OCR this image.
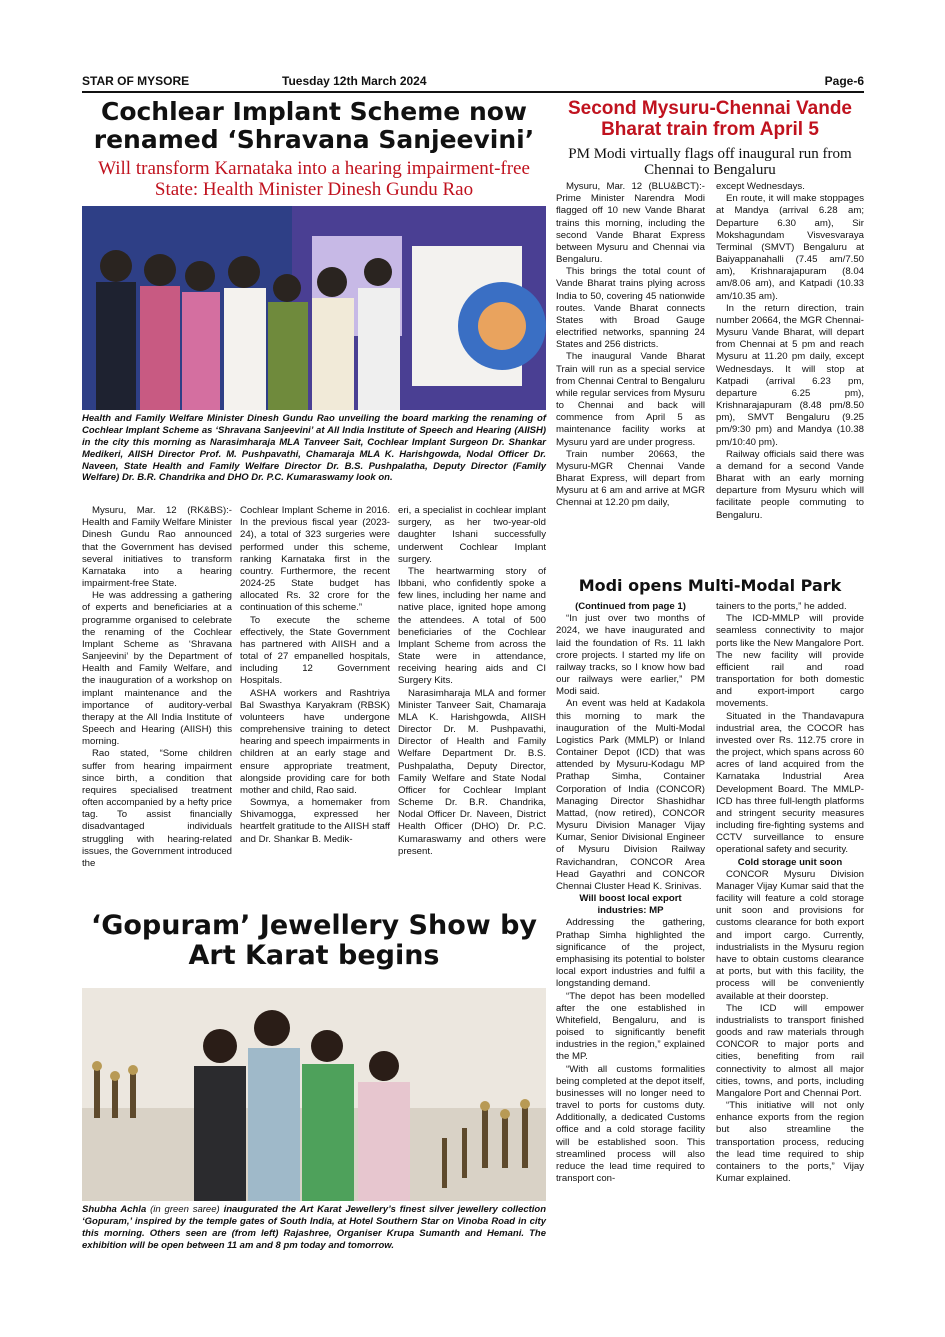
STAR OF MYSORE	Tuesday 12th March 2024	Page-6
Cochlear Implant Scheme now renamed ‘Shravana Sanjeevini’
Will transform Karnataka into a hearing impairment-free State: Health Minister Dinesh Gundu Rao
Health and Family Welfare Minister Dinesh Gundu Rao unveiling the board marking the renaming of Cochlear Implant Scheme as ‘Shravana Sanjeevini’ at All India Institute of Speech and Hearing (AIISH) in the city this morning as Narasimharaja MLA Tanveer Sait, Cochlear Implant Surgeon Dr. Shankar Medikeri, AIISH Director Prof. M. Pushpavathi, Chamaraja MLA K. Harishgowda, Nodal Officer Dr. Naveen, State Health and Family Welfare Director Dr. B.S. Pushpalatha, Deputy Director (Family Welfare) Dr. B.R. Chandrika and DHO Dr. P.C. Kumaraswamy look on.

Mysuru, Mar. 12 (RK&BS):- Health and Family Welfare Minister Dinesh Gundu Rao announced that the Government has devised several initiatives to transform Karnataka into a hearing impairment-free State.

He was addressing a gathering of experts and beneficiaries at a programme organised to celebrate the renaming of the Cochlear Implant Scheme as ‘Shravana Sanjeevini’ by the Department of Health and Family Welfare, and the inauguration of a workshop on implant maintenance and the importance of auditory-verbal therapy at the All India Institute of Speech and Hearing (AIISH) this morning.

Rao stated, “Some children suffer from hearing impairment since birth, a condition that requires specialised treatment often accompanied by a hefty price tag. To assist financially disadvantaged individuals struggling with hearing-related issues, the Government introduced the

Cochlear Implant Scheme in 2016. In the previous fiscal year (2023-24), a total of 323 surgeries were performed under this scheme, ranking Karnataka first in the country. Furthermore, the recent 2024-25 State budget has allocated Rs. 32 crore for the continuation of this scheme.”

To execute the scheme effectively, the State Government has partnered with AIISH and a total of 27 empanelled hospitals, including 12 Government Hospitals.

ASHA workers and Rashtriya Bal Swasthya Karyakram (RBSK) volunteers have undergone comprehensive training to detect hearing and speech impairments in children at an early stage and ensure appropriate treatment, alongside providing care for both mother and child, Rao said.

Sowmya, a homemaker from Shivamogga, expressed her heartfelt gratitude to the AIISH staff and Dr. Shankar B. Medik-

eri, a specialist in cochlear implant surgery, as her two-year-old daughter Ishani successfully underwent Cochlear Implant surgery.

The heartwarming story of Ibbani, who confidently spoke a few lines, including her name and native place, ignited hope among the attendees. A total of 500 beneficiaries of the Cochlear Implant Scheme from across the State were in attendance, receiving hearing aids and CI Surgery Kits.

Narasimharaja MLA and former Minister Tanveer Sait, Chamaraja MLA K. Harishgowda, AIISH Director Dr. M. Pushpavathi, Director of Health and Family Welfare Department Dr. B.S. Pushpalatha, Deputy Director, Family Welfare and State Nodal Officer for Cochlear Implant Scheme Dr. B.R. Chandrika, Nodal Officer Dr. Naveen, District Health Officer (DHO) Dr. P.C. Kumaraswamy and others were present.

Second Mysuru-Chennai Vande Bharat train from April 5
PM Modi virtually flags off inaugural run from Chennai to Bengaluru

Mysuru, Mar. 12 (BLU&BCT):- Prime Minister Narendra Modi flagged off 10 new Vande Bharat trains this morning, including the second Vande Bharat Express between Mysuru and Chennai via Bengaluru.

This brings the total count of Vande Bharat trains plying across India to 50, covering 45 nationwide routes. Vande Bharat connects States with Broad Gauge electrified networks, spanning 24 States and 256 districts.

The inaugural Vande Bharat Train will run as a special service from Chennai Central to Bengaluru while regular services from Mysuru to Chennai and back will commence from April 5 as maintenance facility works at Mysuru yard are under progress.

Train number 20663, the Mysuru-MGR Chennai Vande Bharat Express, will depart from Mysuru at 6 am and arrive at MGR Chennai at 12.20 pm daily,

except Wednesdays.

En route, it will make stoppages at Mandya (arrival 6.28 am; Departure 6.30 am), Sir Mokshagundam Visvesvaraya Terminal (SMVT) Bengaluru at Baiyappanahalli (7.45 am/7.50 am), Krishnarajapuram (8.04 am/8.06 am), and Katpadi (10.33 am/10.35 am).

In the return direction, train number 20664, the MGR Chennai-Mysuru Vande Bharat, will depart from Chennai at 5 pm and reach Mysuru at 11.20 pm daily, except Wednesdays. It will stop at Katpadi (arrival 6.23 pm, departure 6.25 pm), Krishnarajapuram (8.48 pm/8.50 pm), SMVT Bengaluru (9.25 pm/9:30 pm) and Mandya (10.38 pm/10:40 pm).

Railway officials said there was a demand for a second Vande Bharat with an early morning departure from Mysuru which will facilitate people commuting to Bengaluru.

Modi opens Multi-Modal Park

(Continued from page 1)

“In just over two months of 2024, we have inaugurated and laid the foundation of Rs. 11 lakh crore projects. I started my life on railway tracks, so I know how bad our railways were earlier,” PM Modi said.

An event was held at Kadakola this morning to mark the inauguration of the Multi-Modal Logistics Park (MMLP) or Inland Container Depot (ICD) that was attended by Mysuru-Kodagu MP Prathap Simha, Container Corporation of India (CONCOR) Managing Director Shashidhar Mattad, (now retired), CONCOR Mysuru Division Manager Vijay Kumar, Senior Divisional Engineer of Mysuru Division Railway Ravichandran, CONCOR Area Head Gayathri and CONCOR Chennai Cluster Head K. Srinivas.

Will boost local export industries: MP

Addressing the gathering, Prathap Simha highlighted the significance of the project, emphasising its potential to bolster local export industries and fulfil a longstanding demand.

“The depot has been modelled after the one established in Whitefield, Bengaluru, and is poised to significantly benefit industries in the region,” explained the MP.

“With all customs formalities being completed at the depot itself, businesses will no longer need to travel to ports for customs duty. Additionally, a dedicated Customs office and a cold storage facility will be established soon. This streamlined process will also reduce the lead time required to transport con-

tainers to the ports,” he added.

The ICD-MMLP will provide seamless connectivity to major ports like the New Mangalore Port. The new facility will provide efficient rail and road transportation for both domestic and export-import cargo movements.

Situated in the Thandavapura industrial area, the COCOR has invested over Rs. 112.75 crore in the project, which spans across 60 acres of land acquired from the Karnataka Industrial Area Development Board. The MMLP-ICD has three full-length platforms and stringent security measures including fire-fighting systems and CCTV surveillance to ensure operational safety and security.

Cold storage unit soon

CONCOR Mysuru Division Manager Vijay Kumar said that the facility will feature a cold storage unit soon and provisions for customs clearance for both export and import cargo. Currently, industrialists in the Mysuru region have to obtain customs clearance at ports, but with this facility, the process will be conveniently available at their doorstep.

The ICD will empower industrialists to transport finished goods and raw materials through CONCOR to major ports and cities, benefiting from rail connectivity to almost all major cities, towns, and ports, including Mangalore Port and Chennai Port.

“This initiative will not only enhance exports from the region but also streamline the transportation process, reducing the lead time required to ship containers to the ports,” Vijay Kumar explained.

‘Gopuram’ Jewellery Show by Art Karat begins
Shubha Achla (in green saree) inaugurated the Art Karat Jewellery’s finest silver jewellery collection ‘Gopuram,’ inspired by the temple gates of South India, at Hotel Southern Star on Vinoba Road in city this morning. Others seen are (from left) Rajashree, Organiser Krupa Sumanth and Hemani. The exhibition will be open between 11 am and 8 pm today and tomorrow.
